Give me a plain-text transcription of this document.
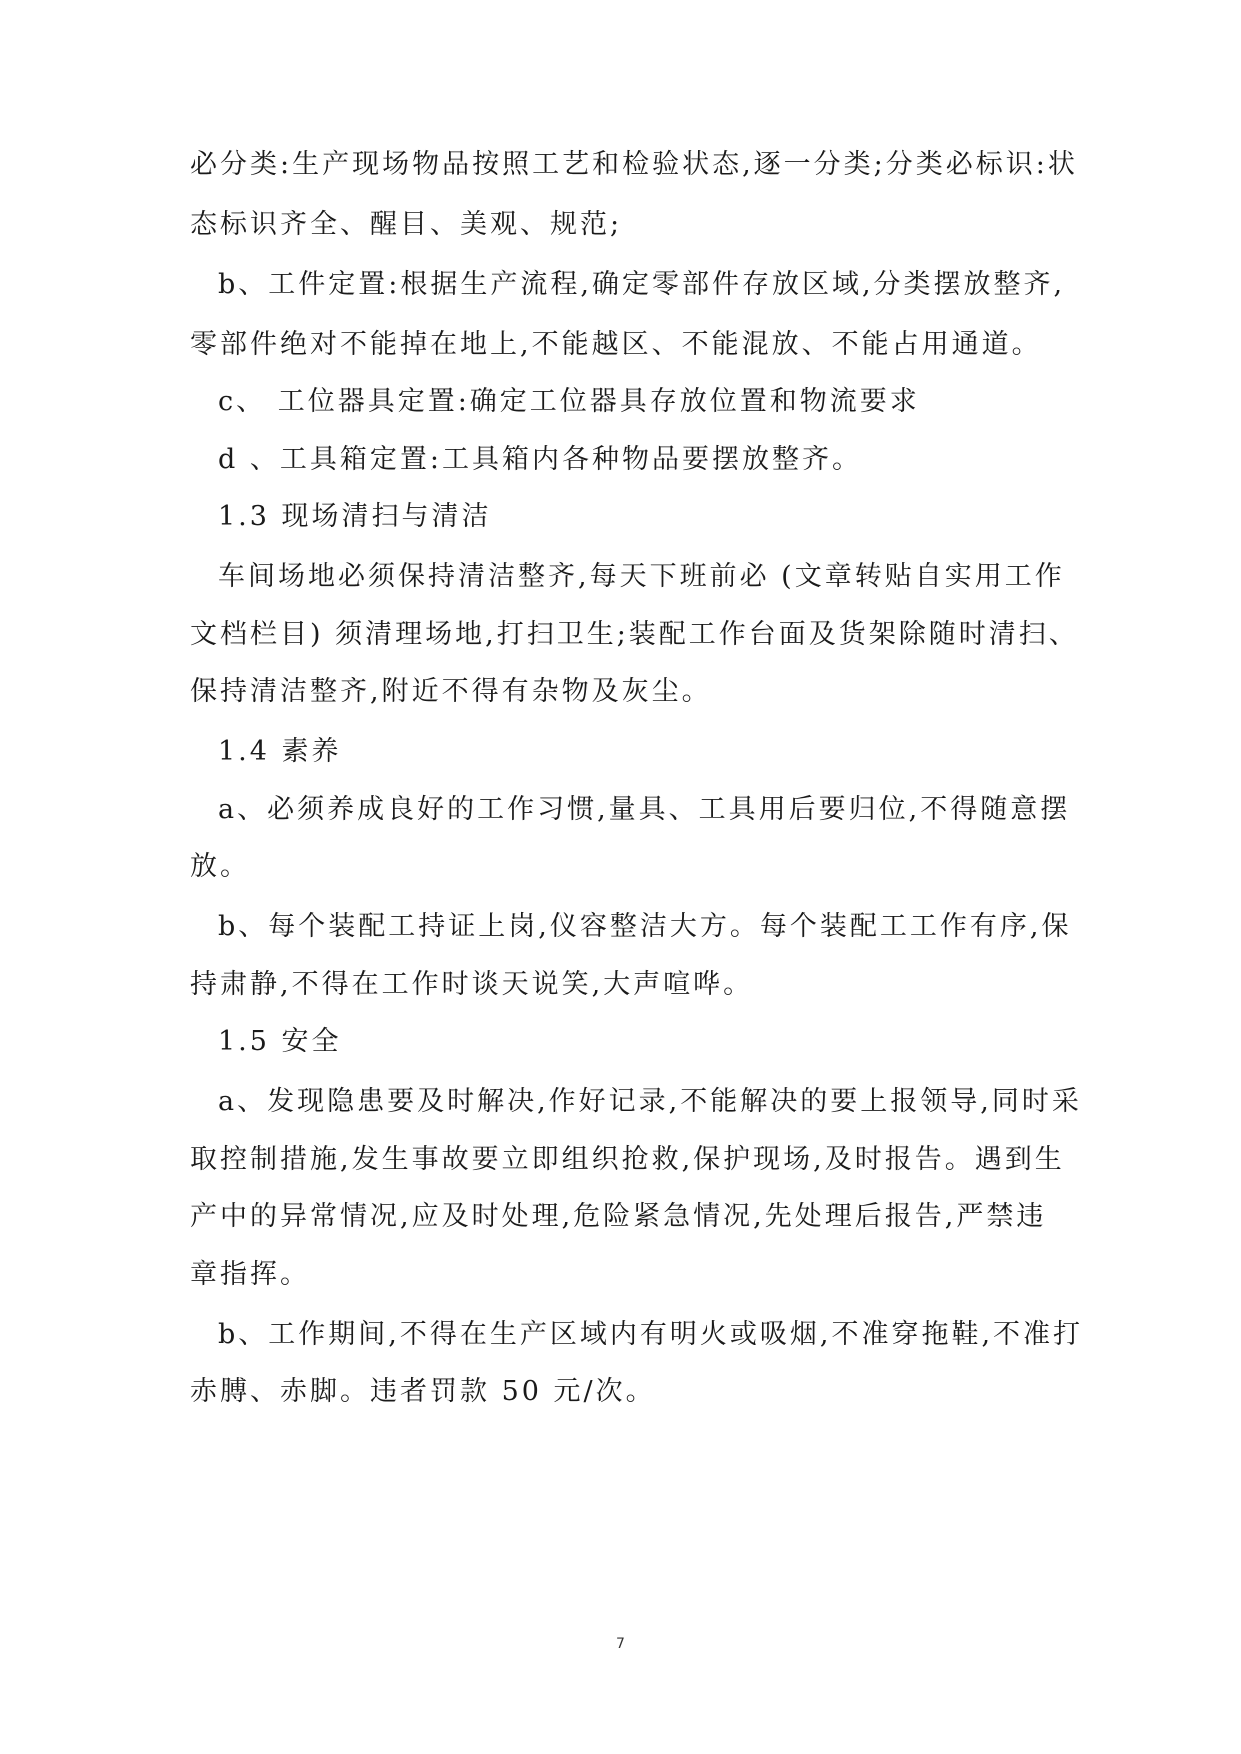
必分类:生产现场物品按照工艺和检验状态,逐一分类;分类必标识:状
态标识齐全、醒目、美观、规范;
b、工件定置:根据生产流程,确定零部件存放区域,分类摆放整齐,
零部件绝对不能掉在地上,不能越区、不能混放、不能占用通道。
c、 工位器具定置:确定工位器具存放位置和物流要求
d 、工具箱定置:工具箱内各种物品要摆放整齐。
1.3 现场清扫与清洁
车间场地必须保持清洁整齐,每天下班前必 (文章转贴自实用工作
文档栏目) 须清理场地,打扫卫生;装配工作台面及货架除随时清扫、
保持清洁整齐,附近不得有杂物及灰尘。
1.4 素养
a、必须养成良好的工作习惯,量具、工具用后要归位,不得随意摆
放。
b、每个装配工持证上岗,仪容整洁大方。每个装配工工作有序,保
持肃静,不得在工作时谈天说笑,大声喧哗。
1.5 安全
a、发现隐患要及时解决,作好记录,不能解决的要上报领导,同时采
取控制措施,发生事故要立即组织抢救,保护现场,及时报告。遇到生
产中的异常情况,应及时处理,危险紧急情况,先处理后报告,严禁违
章指挥。
b、工作期间,不得在生产区域内有明火或吸烟,不准穿拖鞋,不准打
赤膊、赤脚。违者罚款 50 元/次。
7
